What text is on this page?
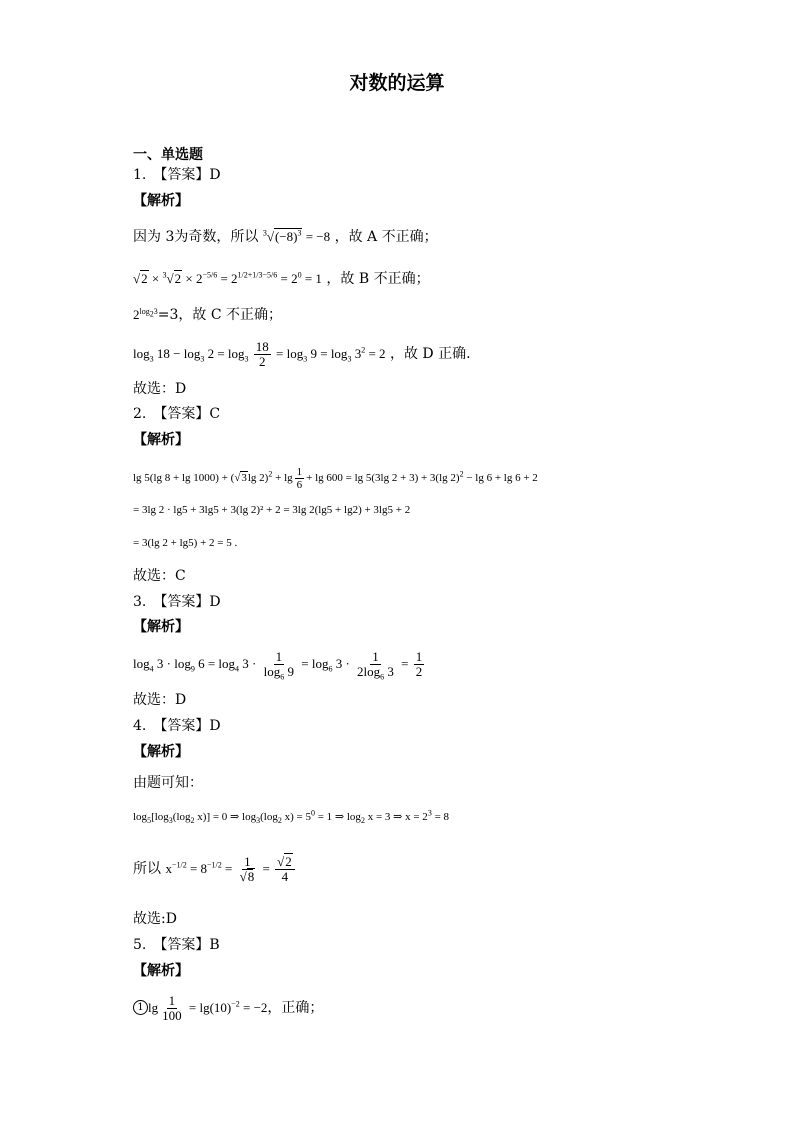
对数的运算
一、单选题
1.　【答案】D
【解析】
因为 3为奇数，所以 $^3√(-8)^3 = -8$ ，故 A 不正确；
$√2 \times ^3√2 \times 2^{-5/6} = 2^{1/2+1/3-5/6} = 2^0 = 1$ ，故 B 不正确；
$2^{log_23}=3$，故 C 不正确；
$\log_3 18 - \log_3 2 = \log_3 \frac{18}{2} = \log_3 9 = \log_3 3^2 = 2$ ，故 D 正确.
故选：D
2.　【答案】C
【解析】
lg 5(lg 8 + lg 1000) + (√3lg $2)^2 + \lg \frac{1}{6} + \lg 600 = \lg 5(3\lg$ 2 + 3) + 3(lg 2)$^2$ − lg 6 + lg 6 + 2
= 3lg 2 · lg5 + 3lg5 + 3(lg 2)² + 2 = 3lg 2(lg5 + lg2) + 3lg5 + 2
= 3(lg 2 + lg5) + 2 = 5 .
故选：C
3.　【答案】D
【解析】
$\log_4 3 \cdot \log_9 6 = \log_4 3 \cdot \frac{1}{\log_6 9} = \log_6 3 \cdot \frac{1}{2\log_6 3} = \frac{1}{2}$
故选：D
4.　【答案】D
【解析】
由题可知：
$\log_5[\log_3(\log_2$ x)] = 0 ⇒ $\log_3(\log_2$ $x) = 5^0 = 1$ ⇒ $\log_2 x = 3$ ⇒ $x = 2^3 = 8$
所以 $x^{-1/2} = 8^{-1/2} = \frac{1}{√8} = \frac{√2}{4}$
故选:D
5.　【答案】B
【解析】
1 $\lg \frac{1}{100} = \lg(10)^{-2} = -2$，正确；
